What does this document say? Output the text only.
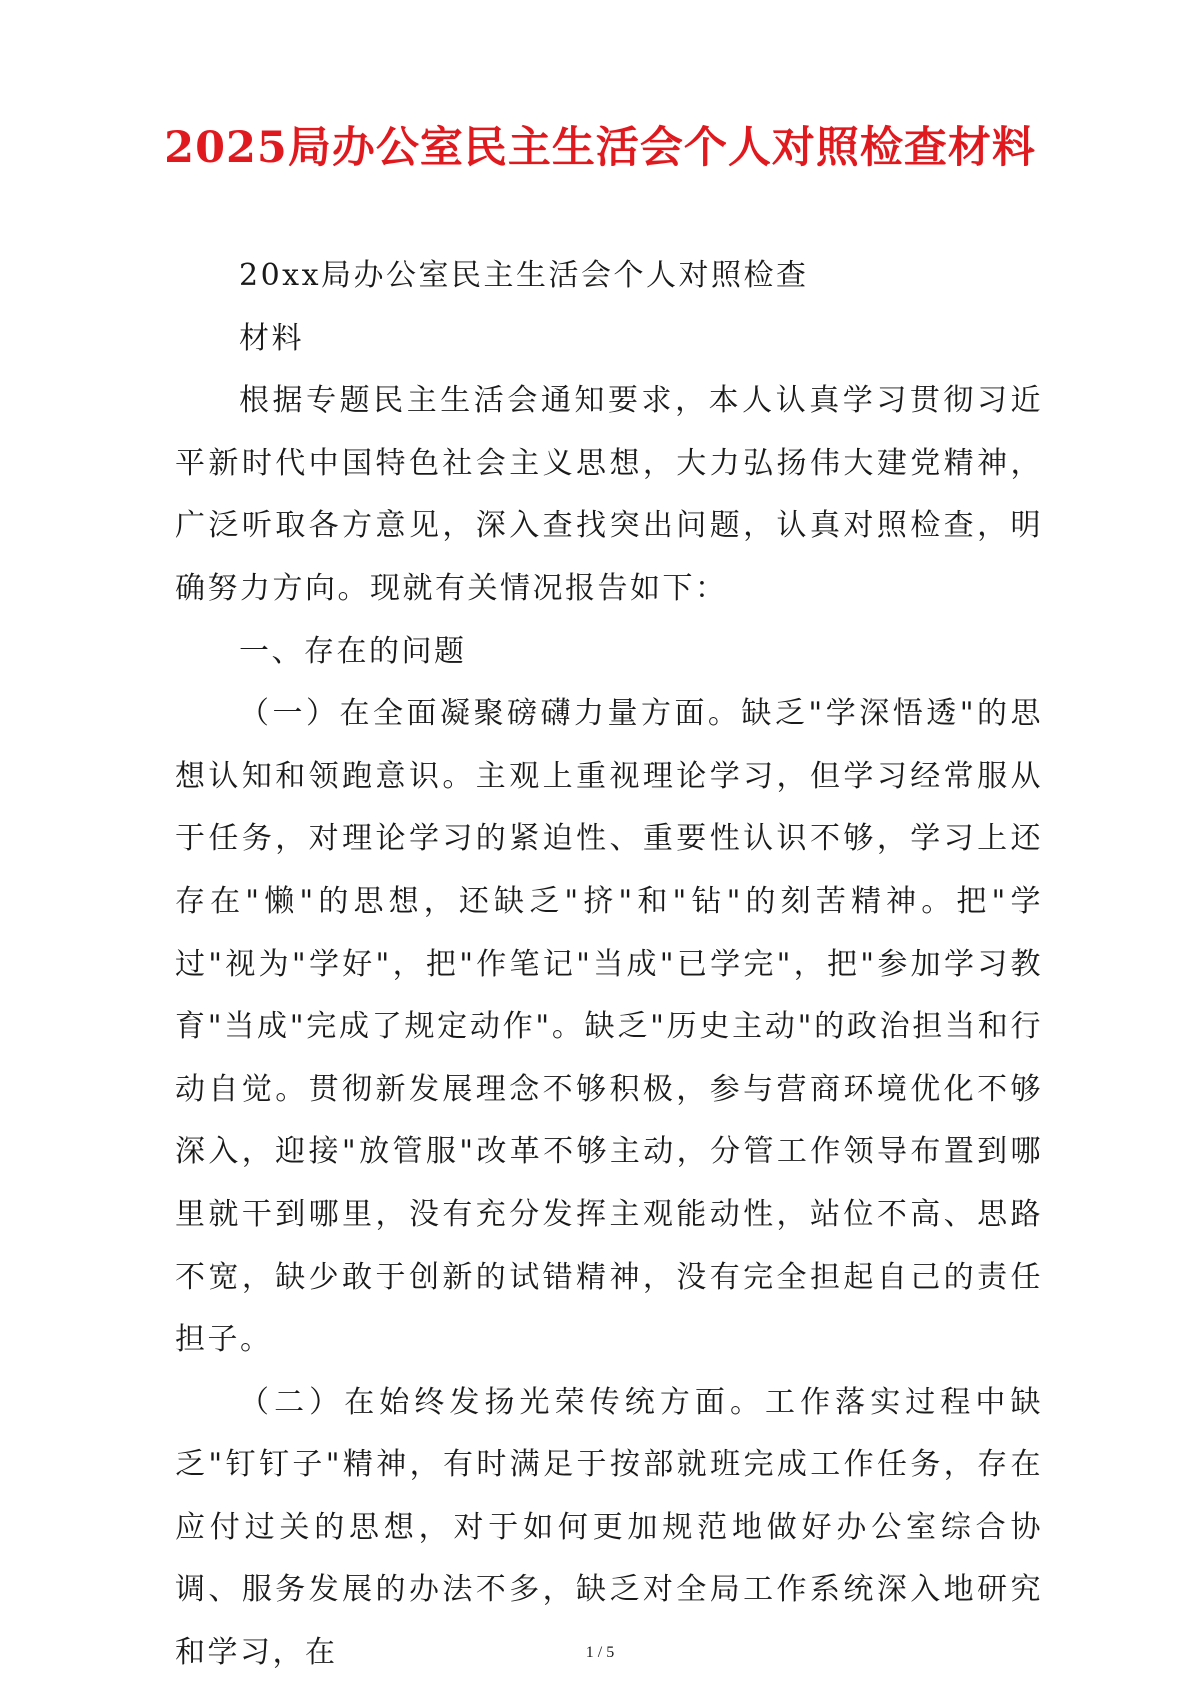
2025局办公室民主生活会个人对照检查材料

20xx局办公室民主生活会个人对照检查

材料

根据专题民主生活会通知要求，本人认真学习贯彻习近平新时代中国特色社会主义思想，大力弘扬伟大建党精神，广泛听取各方意见，深入查找突出问题，认真对照检查，明确努力方向。现就有关情况报告如下：

一、存在的问题

（一）在全面凝聚磅礴力量方面。缺乏"学深悟透"的思想认知和领跑意识。主观上重视理论学习，但学习经常服从于任务，对理论学习的紧迫性、重要性认识不够，学习上还存在"懒"的思想，还缺乏"挤"和"钻"的刻苦精神。把"学过"视为"学好"，把"作笔记"当成"已学完"，把"参加学习教育"当成"完成了规定动作"。缺乏"历史主动"的政治担当和行动自觉。贯彻新发展理念不够积极，参与营商环境优化不够深入，迎接"放管服"改革不够主动，分管工作领导布置到哪里就干到哪里，没有充分发挥主观能动性，站位不高、思路不宽，缺少敢于创新的试错精神，没有完全担起自己的责任担子。

（二）在始终发扬光荣传统方面。工作落实过程中缺乏"钉钉子"精神，有时满足于按部就班完成工作任务，存在应付过关的思想，对于如何更加规范地做好办公室综合协调、服务发展的办法不多，缺乏对全局工作系统深入地研究和学习，在	1 / 5
